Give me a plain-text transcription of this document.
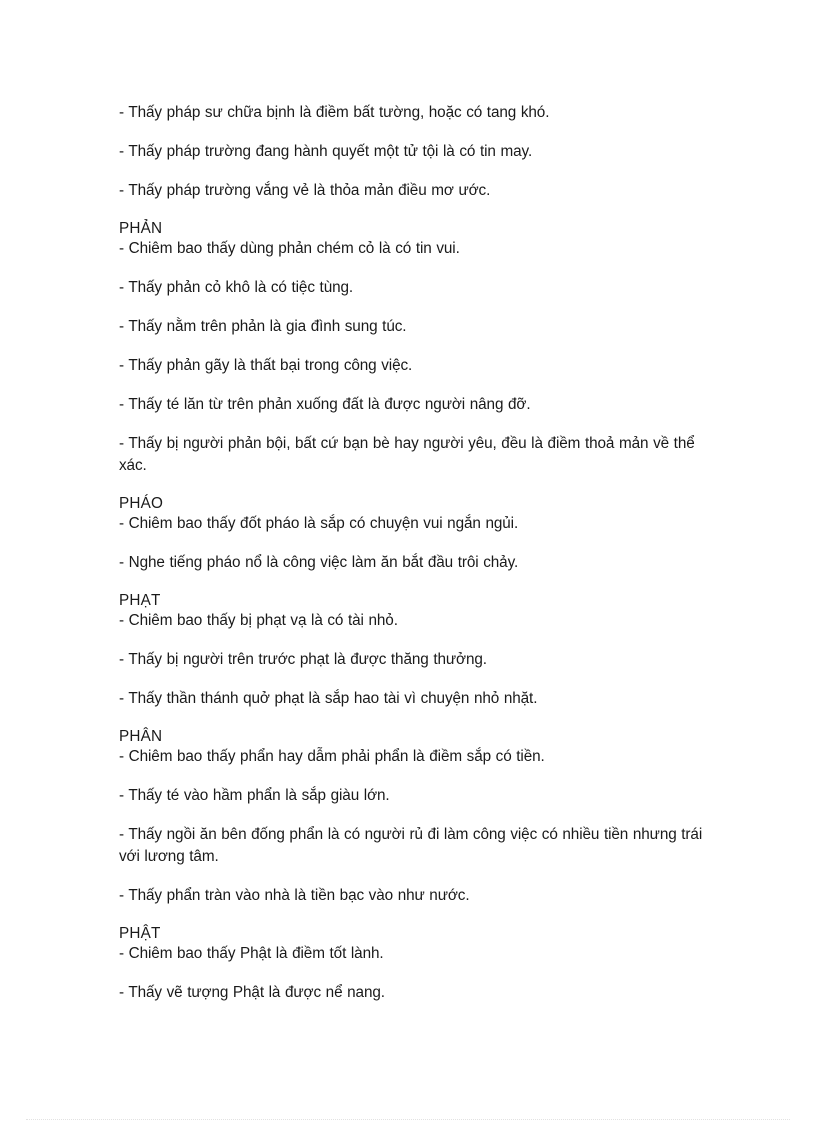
- Thấy pháp sư chữa bịnh là điềm bất tường, hoặc có tang khó.

- Thấy pháp trường đang hành quyết một tử tội là có tin may.

- Thấy pháp trường vắng vẻ là thỏa mản điều mơ ước.

PHẢN

- Chiêm bao thấy dùng phản chém cỏ là có tin vui.

- Thấy phản cỏ khô là có tiệc tùng.

- Thấy nằm trên phản là gia đình sung túc.

- Thấy phản gãy là thất bại trong công việc.

- Thấy té lăn từ trên phản xuống đất là được người nâng đỡ.

- Thấy bị người phản bội, bất cứ bạn bè hay người yêu, đều là điềm thoả mản về thể xác.

PHÁO

- Chiêm bao thấy đốt pháo là sắp có chuyện vui ngắn ngủi.

- Nghe tiếng pháo nổ là công việc làm ăn bắt đầu trôi chảy.

PHẠT

- Chiêm bao thấy bị phạt vạ là có tài nhỏ.

- Thấy bị người trên trước phạt là được thăng thưởng.

- Thấy thần thánh quở phạt là sắp hao tài vì chuyện nhỏ nhặt.

PHÂN

- Chiêm bao thấy phẩn hay dẫm phải phẩn là điềm sắp có tiền.

- Thấy té vào hầm phẩn là sắp giàu lớn.

- Thấy ngồi ăn bên đống phẩn là có người rủ đi làm công việc có nhiều tiền nhưng trái với lương tâm.

- Thấy phẩn tràn vào nhà là tiền bạc vào như nước.

PHẬT

- Chiêm bao thấy Phật là điềm tốt lành.

- Thấy vẽ tượng Phật là được nể nang.
